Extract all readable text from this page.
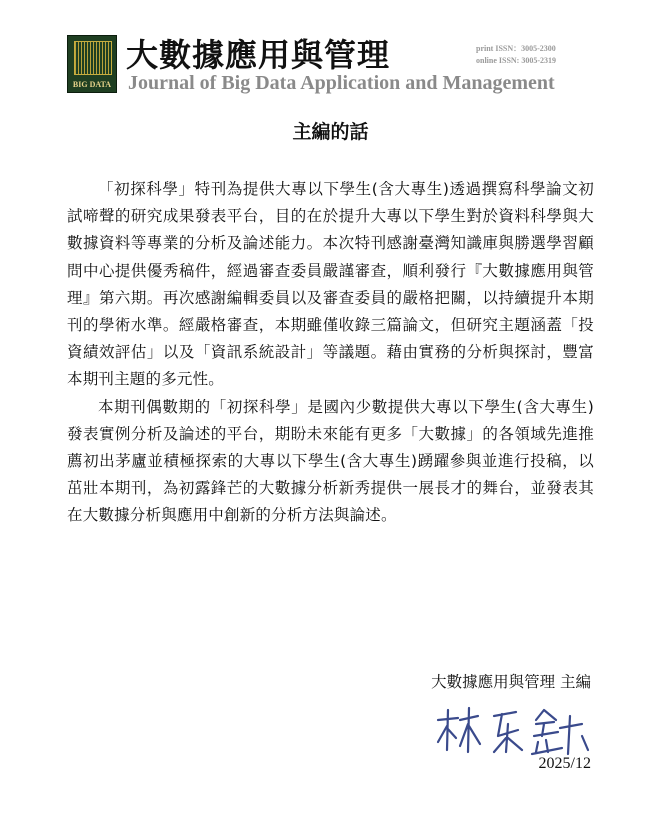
BIG DATA
大數據應用與管理
Journal of Big Data Application and Management
print ISSN：3005-2300
online ISSN: 3005-2319
主編的話

「初探科學」特刊為提供大專以下學生(含大專生)透過撰寫科學論文初試啼聲的研究成果發表平台，目的在於提升大專以下學生對於資料科學與大數據資料等專業的分析及論述能力。本次特刊感謝臺灣知識庫與勝選學習顧問中心提供優秀稿件，經過審查委員嚴謹審查，順利發行『大數據應用與管理』第六期。再次感謝編輯委員以及審查委員的嚴格把關，以持續提升本期刊的學術水準。經嚴格審查，本期雖僅收錄三篇論文，但研究主題涵蓋「投資績效評估」以及「資訊系統設計」等議題。藉由實務的分析與探討，豐富本期刊主題的多元性。

本期刊偶數期的「初探科學」是國內少數提供大專以下學生(含大專生)發表實例分析及論述的平台，期盼未來能有更多「大數據」的各領域先進推薦初出茅廬並積極探索的大專以下學生(含大專生)踴躍參與並進行投稿，以茁壯本期刊，為初露鋒芒的大數據分析新秀提供一展長才的舞台，並發表其在大數據分析與應用中創新的分析方法與論述。

大數據應用與管理 主編
2025/12
